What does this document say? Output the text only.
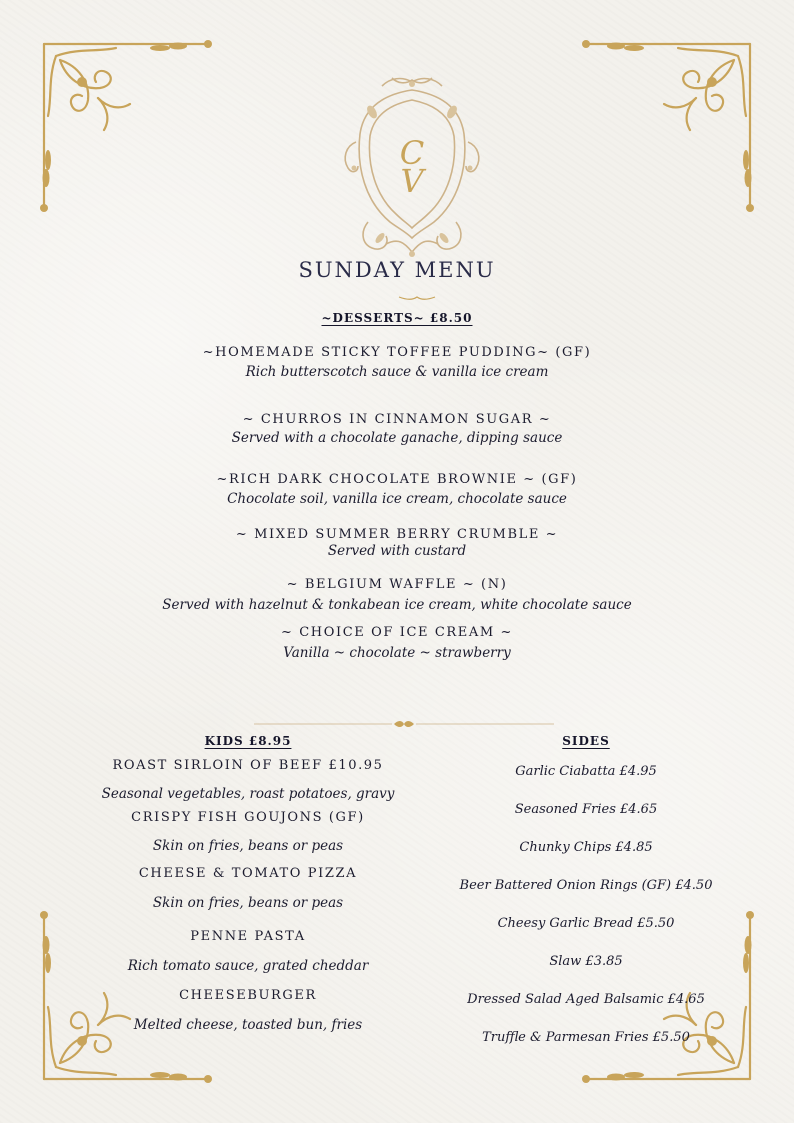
C
V
SUNDAY MENU
~DESSERTS~ £8.50
~HOMEMADE STICKY TOFFEE PUDDING~ (GF)
Rich butterscotch sauce & vanilla ice cream
~ CHURROS IN CINNAMON SUGAR ~
Served with a chocolate ganache, dipping sauce
~RICH DARK CHOCOLATE BROWNIE ~ (GF)
Chocolate soil, vanilla ice cream, chocolate sauce
~ MIXED SUMMER BERRY CRUMBLE ~
Served with custard
~ BELGIUM WAFFLE ~ (N)
Served with hazelnut & tonkabean ice cream, white chocolate sauce
~ CHOICE OF ICE CREAM ~
Vanilla ~ chocolate ~ strawberry
KIDS £8.95
ROAST SIRLOIN OF BEEF £10.95
Seasonal vegetables, roast potatoes, gravy
CRISPY FISH GOUJONS (GF)
Skin on fries, beans or peas
CHEESE & TOMATO PIZZA
Skin on fries, beans or peas
PENNE PASTA
Rich tomato sauce, grated cheddar
CHEESEBURGER
Melted cheese, toasted bun, fries
SIDES
Garlic Ciabatta £4.95
Seasoned Fries £4.65
Chunky Chips £4.85
Beer Battered Onion Rings (GF) £4.50
Cheesy Garlic Bread £5.50
Slaw £3.85
Dressed Salad Aged Balsamic £4.65
Truffle & Parmesan Fries £5.50
